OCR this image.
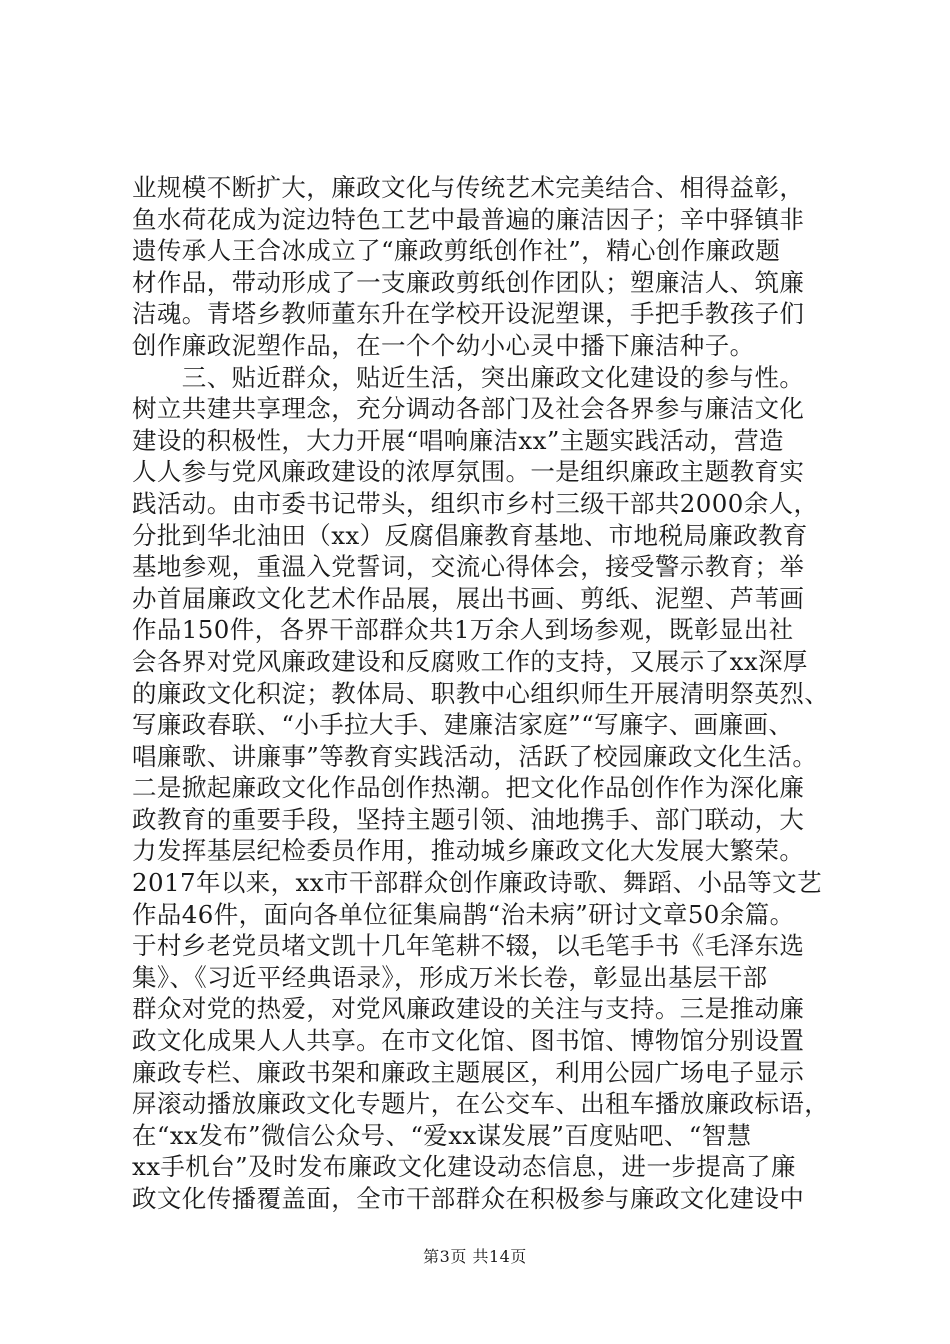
业规模不断扩大，廉政文化与传统艺术完美结合、相得益彰，
鱼水荷花成为淀边特色工艺中最普遍的廉洁因子；辛中驿镇非
遗传承人王合冰成立了“廉政剪纸创作社”，精心创作廉政题
材作品，带动形成了一支廉政剪纸创作团队；塑廉洁人、筑廉
洁魂。青塔乡教师董东升在学校开设泥塑课，手把手教孩子们
创作廉政泥塑作品，在一个个幼小心灵中播下廉洁种子。
　　三、贴近群众，贴近生活，突出廉政文化建设的参与性。
树立共建共享理念，充分调动各部门及社会各界参与廉洁文化
建设的积极性，大力开展“唱响廉洁xx”主题实践活动，营造
人人参与党风廉政建设的浓厚氛围。一是组织廉政主题教育实
践活动。由市委书记带头，组织市乡村三级干部共2000余人，
分批到华北油田（xx）反腐倡廉教育基地、市地税局廉政教育
基地参观，重温入党誓词，交流心得体会，接受警示教育；举
办首届廉政文化艺术作品展，展出书画、剪纸、泥塑、芦苇画
作品150件，各界干部群众共1万余人到场参观，既彰显出社
会各界对党风廉政建设和反腐败工作的支持，又展示了xx深厚
的廉政文化积淀；教体局、职教中心组织师生开展清明祭英烈、
写廉政春联、“小手拉大手、建廉洁家庭”“写廉字、画廉画、
唱廉歌、讲廉事”等教育实践活动，活跃了校园廉政文化生活。
二是掀起廉政文化作品创作热潮。把文化作品创作作为深化廉
政教育的重要手段，坚持主题引领、油地携手、部门联动，大
力发挥基层纪检委员作用，推动城乡廉政文化大发展大繁荣。
2017年以来，xx市干部群众创作廉政诗歌、舞蹈、小品等文艺
作品46件，面向各单位征集扁鹊“治未病”研讨文章50余篇。
于村乡老党员堵文凯十几年笔耕不辍，以毛笔手书《毛泽东选
集》、《习近平经典语录》，形成万米长卷，彰显出基层干部
群众对党的热爱，对党风廉政建设的关注与支持。三是推动廉
政文化成果人人共享。在市文化馆、图书馆、博物馆分别设置
廉政专栏、廉政书架和廉政主题展区，利用公园广场电子显示
屏滚动播放廉政文化专题片，在公交车、出租车播放廉政标语，
在“xx发布”微信公众号、“爱xx谋发展”百度贴吧、“智慧
xx手机台”及时发布廉政文化建设动态信息，进一步提高了廉
政文化传播覆盖面，全市干部群众在积极参与廉政文化建设中
第3页 共14页
